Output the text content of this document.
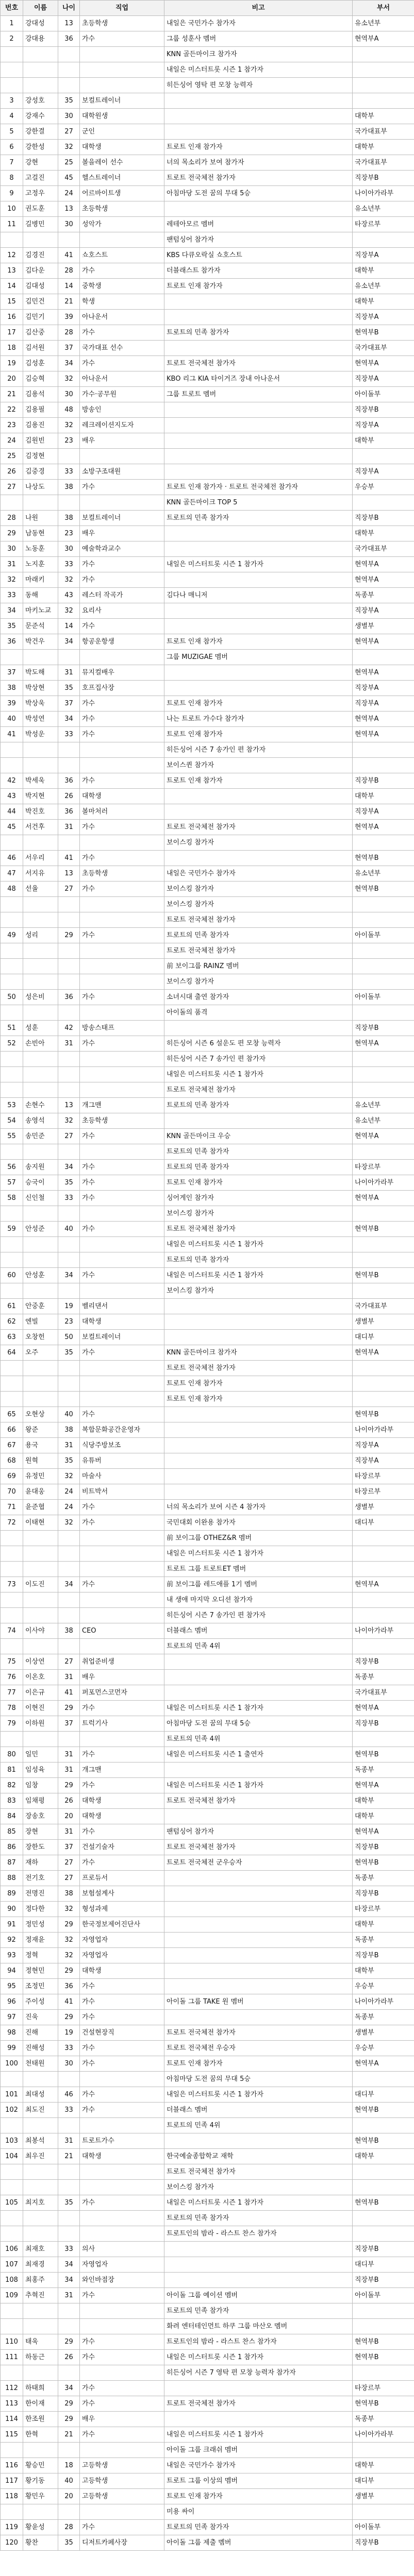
번호	이름	나이	직업	비고	부서
1	강대성	13	초등학생	내일은 국민가수 참가자	유소년부
2	강대용	36	가수	그룹 성훈사 멤버	현역부A
				KNN 골든마이크 참가자	
				내일은 미스터트롯 시즌 1 참가자	
				히든싱어 영탁 편 모창 능력자	
3	강성호	35	보컬트레이너		
4	강재수	30	대학원생		대학부
5	강한결	27	군인		국가대표부
6	강한성	32	대학생	트로트 인재 참가자	대학부
7	강현	25	볼을레이 선수	너의 목소리가 보여 참가자	국가대표부
8	고걸진	45	헬스트레이너	트로트 전국체전 참가자	직장부B
9	고정우	24	어르바이트생	아침마당 도전 꿈의 무대 5승	나이아가라부
10	권도훈	13	초등학생		유소년부
11	길병민	30	성악가	레테아모르 멤버	타장르부
				팬텀싱어 참가자	
12	김경진	41	쇼호스트	KBS 다큐오락실 쇼호스트	직장부A
13	김다운	28	가수	더블래스트 참가자	대학부
14	김대성	14	중학생	트로트 인재 참가자	유소년부
15	김민건	21	학생		대학부
16	김민기	39	아나운서		직장부A
17	김산중	28	가수	트로트의 민족 참가자	현역부B
18	김서원	37	국가대표 선수		국가대표부
19	김성훈	34	가수	트로트 전국체전 참가자	현역부A
20	김승혁	32	아나운서	KBO 리그 KIA 타이거즈 장내 아나운서	직장부A
21	김용석	30	가수·공무원	그룹 트로트 멤버	아이돌부
22	김용필	48	방송인		직장부B
23	김용진	32	레크레이션지도자		직장부A
24	김원빈	23	배우		대학부
25	김정현				
26	김중경	33	소방구조대원		직장부A
27	나상도	38	가수	트로트 인재 참가자 · 트로트 전국체전 참가자	우승부
				KNN 골든마이크 TOP 5	
28	나원	38	보컬트레이너	트로트의 민족 참가자	직장부B
29	남동현	23	배우		대학부
30	노동훈	30	예술학과교수		국가대표부
31	노지훈	33	가수	내일은 미스터트롯 시즌 1 참가자	현역부A
32	마래키	32	가수		현역부A
33	동해	43	레스터 작곡가	김다나 매니저	독종부
34	마키노교	32	요리사		직장부A
35	문준석	14	가수		생별부
36	박건우	34	항공운항생	트로트 인재 참가자	현역부A
				그룹 MUZIGAE 멤버	
37	박도해	31	뮤지컬배우		현역부A
38	박상현	35	호프집사장		직장부A
39	박상욱	37	가수	트로트 인재 참가자	직장부A
40	박성연	34	가수	나는 트로트 가수다 참가자	현역부A
41	박성운	33	가수	트로트 인재 참가자	현역부A
				히든싱어 시즌 7 송가인 편 참가자	
				보이스퀸 참가자	
42	박세욱	36	가수	트로트 인재 참가자	직장부B
43	박지현	26	대학생		대학부
44	박진호	36	볼마처러		직장부A
45	서건후	31	가수	트로트 전국체전 참가자	현역부A
				보이스킹 참가자	
46	서우리	41	가수		현역부B
47	서지유	13	초등학생	내일은 국민가수 참가자	유소년부
48	선율	27	가수	보이스킹 참가자	현역부B
				보이스킹 참가자	
				트로트 전국체전 참가자	
49	성리	29	가수	트로트의 민족 참가자	아이돌부
				트로트 전국체전 참가자	
				前 보이그룹 RAINZ 멤버	
				보이스킹 참가자	
50	성은비	36	가수	소녀시대 출연 참가자	아이돌부
				아이돌의 품격	
51	성훈	42	방송스태프		직장부B
52	손빈아	31	가수	히든싱어 시즌 6 설운도 편 모창 능력자	현역부A
				히든싱어 시즌 7 송가인 편 참가자	
				내일은 미스터트롯 시즌 1 참가자	
				트로트 전국체전 참가자	
53	손현수	13	개그맨	트로트의 민족 참가자	유소년부
54	송영석	32	초등학생		유소년부
55	송민준	27	가수	KNN 골든마이크 우승	현역부A
				트로트의 민족 참가자	
56	송지원	34	가수	트로트의 민족 참가자	타장르부
57	승국이	35	가수	트로트 인재 참가자	나이아가라부
58	신인철	33	가수	싱어게인 참가자	현역부A
				보이스킹 참가자	
59	안성준	40	가수	트로트 전국체전 참가자	현역부B
				내일은 미스터트롯 시즌 1 참가자	
				트로트의 민족 참가자	
60	안성훈	34	가수	내일은 미스터트롯 시즌 1 참가자	현역부B
				보이스킹 참가자	
61	안중훈	19	벨리댄서		국가대표부
62	엔빌	23	대학생		생별부
63	오창헌	50	보컬트레이너		대디부
64	오주	35	가수	KNN 골든마이크 참가자	현역부A
				트로트 전국체전 참가자	
				트로트 인재 참가자	
				트로트 인재 참가자	
65	오현상	40	가수		현역부B
66	왕준	38	복합문화공간운영자		나이아가라부
67	용국	31	식당주방보조		직장부A
68	원혁	35	유튜버		직장부A
69	유정민	32	마술사		타장르부
70	윤대웅	24	비트박서		타장르부
71	윤준협	24	가수	너의 목소리가 보여 시즌 4 참가자	생별부
72	이태현	32	가수	국민대회 이완용 참가자	대디부
				前 보이그룹 OTHEZ&R 멤버	
				내일은 미스터트롯 시즌 1 참가자	
				트로트 그룹 트로트ET 멤버	
73	이도진	34	가수	前 보이그룹 레드애플 1기 멤버	현역부A
				내 생애 마지막 오디션 참가자	
				히든싱어 시즌 7 송가인 편 참가자	
74	이사야	38	CEO	더블래스 멤버	나이아가라부
				트로트의 민족 4위	
75	이상연	27	취업준비생		직장부B
76	이온호	31	배우		독종부
77	이은규	41	퍼포먼스코먼자		국가대표부
78	이현진	29	가수	내일은 미스터트롯 시즌 1 참가자	현역부A
79	이하원	37	트럭기사	아침마당 도전 꿈의 무대 5승	직장부B
				트로트의 민족 4위	
80	일민	31	가수	내일은 미스터트롯 시즌 1 출연자	현역부B
81	임성육	31	개그맨		독종부
82	임창	29	가수	내일은 미스터트롯 시즌 1 참가자	현역부A
83	임채평	26	대학생	트로트 전국체전 참가자	대학부
84	장송호	20	대학생		대학부
85	장현	31	가수	팬텀싱어 참가자	현역부A
86	장한도	37	건설기술자	트로트 전국체전 참가자	직장부B
87	재하	27	가수	트로트 전국체전 군우승자	현역부B
88	전기호	27	프로듀서		독종부
89	전명진	38	보험설계사		직장부B
90	정다한	32	형성과제		타장르부
91	정민성	29	한국정보제어진단사		대학부
92	정재윤	32	자영업자		독종부
93	정혁	32	자영업자		직장부B
94	정현민	29	대학생		대학부
95	조정민	36	가수		우승부
96	주이성	41	가수	아이돌 그룹 TAKE 원 멤버	나이아가라부
97	진욱	29	가수		독종부
98	진해	19	건설현장직	트로트 전국체전 참가자	생별부
99	진해성	33	가수	트로트 전국체전 우승자	우승부
100	천태원	30	가수	트로트 인재 참가자	현역부A
				아침마당 도전 꿈의 무대 5승	
101	최대성	46	가수	내일은 미스터트롯 시즌 1 참가자	대디부
102	최도진	33	가수	더블래스 멤버	현역부B
				트로트의 민족 4위	
103	최봉석	31	트로트가수		현역부B
104	최우진	21	대학생	한국예술종합학교 재학	대학부
				트로트 전국체전 참가자	
				보이스킹 참가자	
105	최지호	35	가수	내일은 미스터트롯 시즌 1 참가자	현역부B
				트로트의 민족 참가자	
				트로트인의 밤라 - 라스트 찬스 참가자	
106	최재호	33	의사		직장부B
107	최재경	34	자영업자		대디부
108	최홍주	34	와인바점장		직장부B
109	추혁진	31	가수	아이돌 그룹 예이션 멤버	아이돌부
				트로트의 민족 참가자	
				화려 엔터테인먼트 하쿠 그룹 마산오 멤버	
110	태욱	29	가수	트로트인의 밤라 - 라스트 찬스 참가자	현역부B
111	하동근	26	가수	내일은 미스터트롯 시즌 1 참가자	현역부B
				히든싱어 시즌 7 영탁 편 모창 능력자 참가자	
112	하태희	34	가수		타장르부
113	한이재	29	가수	트로트 전국체전 참가자	현역부B
114	한조원	29	배우		독종부
115	한혁	21	가수	내일은 미스터트롯 시즌 1 참가자	나이아가라부
				아이돌 그룹 크래쉬 멤버	
116	황승민	18	고등학생	내일은 국민가수 참가자	대학부
117	황기동	40	고등학생	트로트 그룹 이상의 멤버	대디부
118	황민우	20	고등학생	트로트 인재 참가자	생별부
				미용 싸이	
119	황윤성	28	가수	트로트의 민족 참가자	아이돌부
120	황찬	35	디저트카페사장	아이돌 그룹 제출 멤버	직장부B
